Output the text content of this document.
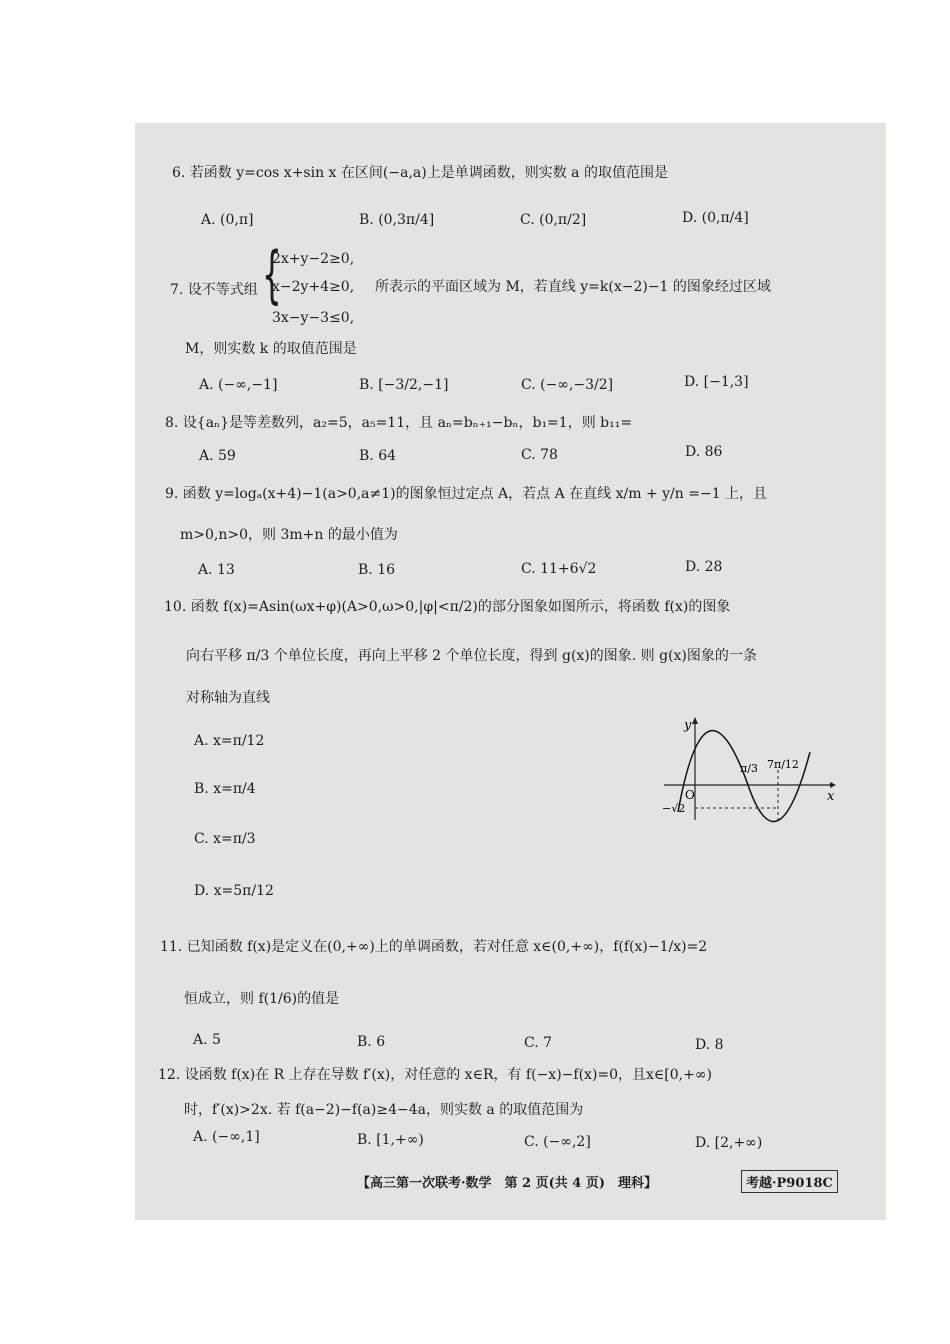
6. 若函数 y=cos x+sin x 在区间(−a,a)上是单调函数，则实数 a 的取值范围是
A. (0,π]	B. (0,3π/4]	C. (0,π/2]	D. (0,π/4]
7. 设不等式组 {
2x+y−2≥0,
x−2y+4≥0,
3x−y−3≤0,
所表示的平面区域为 M，若直线 y=k(x−2)−1 的图象经过区域
M，则实数 k 的取值范围是
A. (−∞,−1]	B. [−3/2,−1]	C. (−∞,−3/2]	D. [−1,3]
8. 设{aₙ}是等差数列，a₂=5，a₅=11，且 aₙ=bₙ₊₁−bₙ，b₁=1，则 b₁₁=
A. 59	B. 64	C. 78	D. 86
9. 函数 y=logₐ(x+4)−1(a>0,a≠1)的图象恒过定点 A，若点 A 在直线 x/m + y/n =−1 上，且
m>0,n>0，则 3m+n 的最小值为
A. 13	B. 16	C. 11+6√2	D. 28
10. 函数 f(x)=Asin(ωx+φ)(A>0,ω>0,|φ|<π/2)的部分图象如图所示，将函数 f(x)的图象
向右平移 π/3 个单位长度，再向上平移 2 个单位长度，得到 g(x)的图象. 则 g(x)图象的一条
对称轴为直线
A. x=π/12
B. x=π/4
C. x=π/3
D. x=5π/12
y
x
O
π/3 7π/12
−√2
11. 已知函数 f(x)是定义在(0,+∞)上的单调函数，若对任意 x∈(0,+∞)，f(f(x)−1/x)=2
恒成立，则 f(1/6)的值是
A. 5	B. 6	C. 7	D. 8
12. 设函数 f(x)在 R 上存在导数 f′(x)，对任意的 x∈R，有 f(−x)−f(x)=0，且x∈[0,+∞)
时，f′(x)>2x. 若 f(a−2)−f(a)≥4−4a，则实数 a 的取值范围为
A. (−∞,1]	B. [1,+∞)	C. (−∞,2]	D. [2,+∞)
【高三第一次联考·数学　第 2 页(共 4 页)　理科】	考越·P9018C
